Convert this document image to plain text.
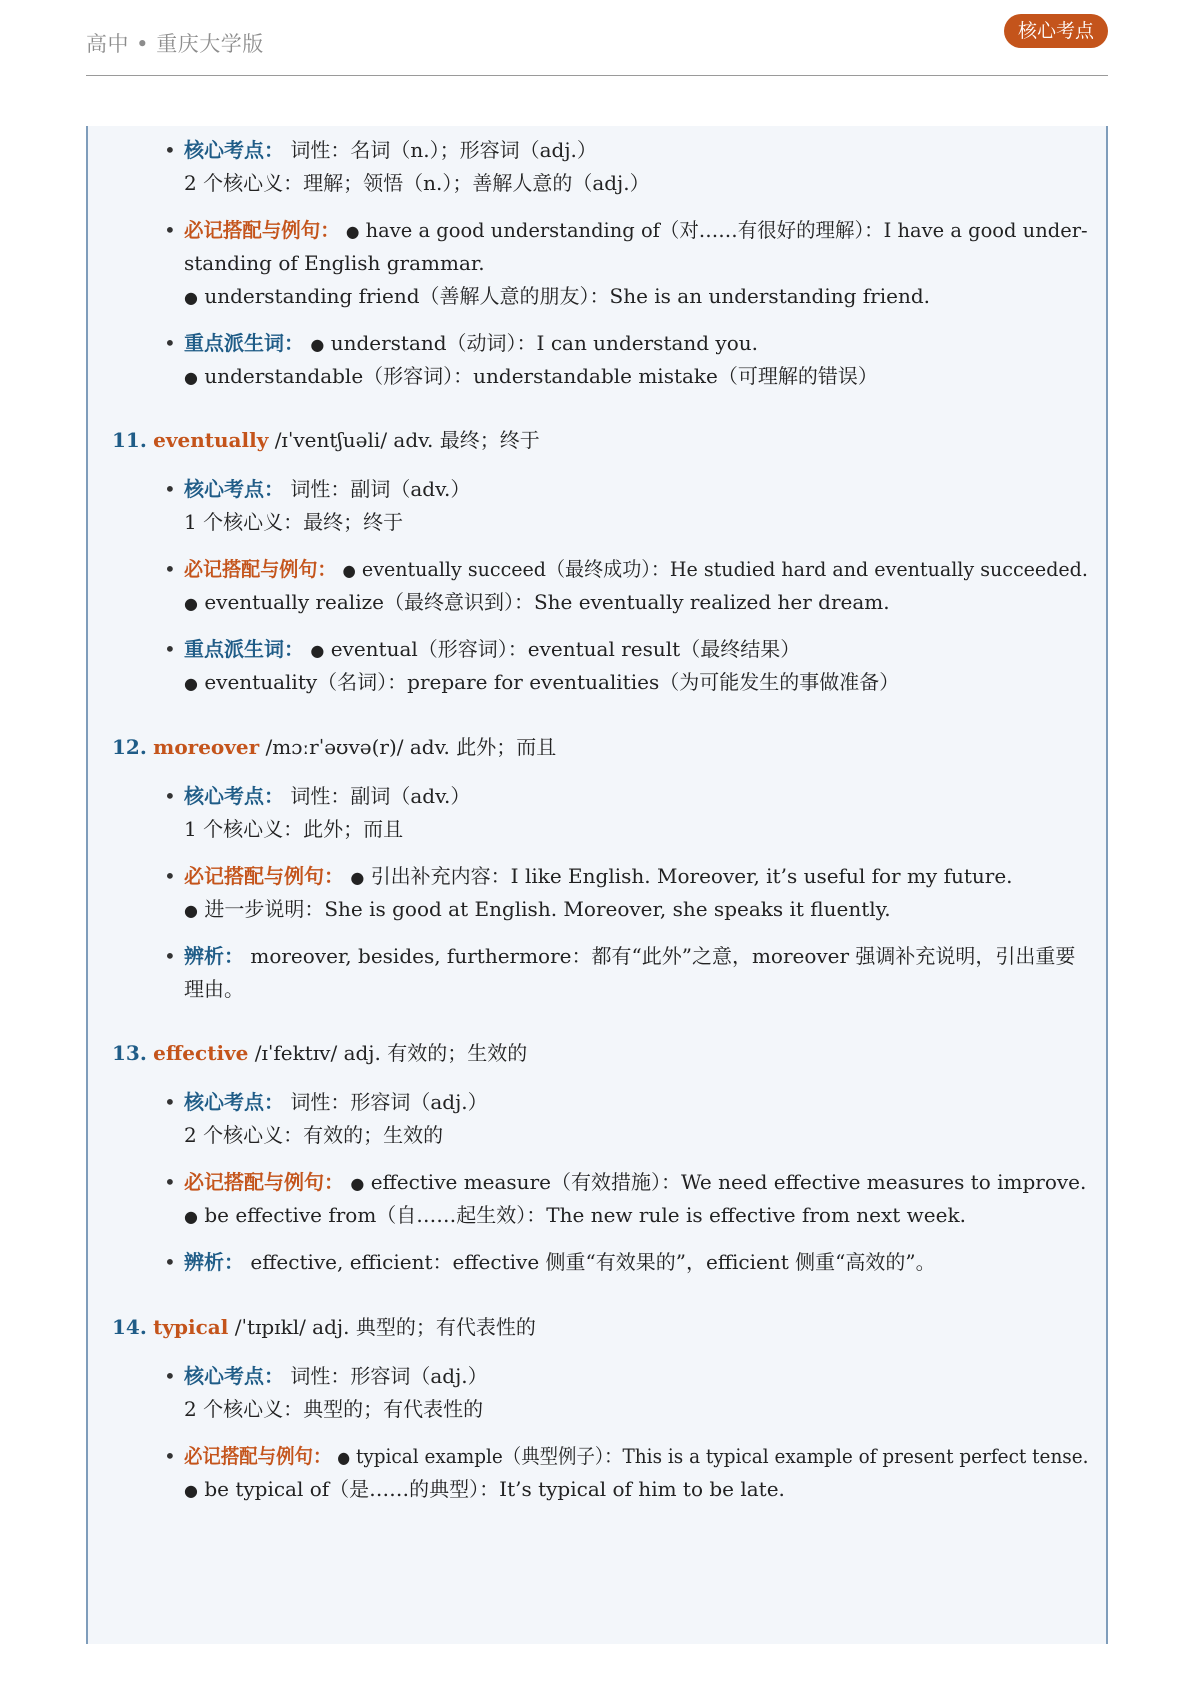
高中 • 重庆大学版
核心考点
• 核心考点： 词性：名词（n.）；形容词（adj.）
2 个核心义：理解；领悟（n.）；善解人意的（adj.）
• 必记搭配与例句： ● have a good understanding of（对……有很好的理解）：I have a good under-
standing of English grammar.
● understanding friend（善解人意的朋友）：She is an understanding friend.
• 重点派生词： ● understand（动词）：I can understand you.
● understandable（形容词）：understandable mistake（可理解的错误）
11. eventually /ɪˈventʃuəli/ adv. 最终；终于
• 核心考点： 词性：副词（adv.）
1 个核心义：最终；终于
• 必记搭配与例句： ● eventually succeed（最终成功）：He studied hard and eventually succeeded.
● eventually realize（最终意识到）：She eventually realized her dream.
• 重点派生词： ● eventual（形容词）：eventual result（最终结果）
● eventuality（名词）：prepare for eventualities（为可能发生的事做准备）
12. moreover /mɔːrˈəʊvə(r)/ adv. 此外；而且
• 核心考点： 词性：副词（adv.）
1 个核心义：此外；而且
• 必记搭配与例句： ● 引出补充内容：I like English. Moreover, it’s useful for my future.
● 进一步说明：She is good at English. Moreover, she speaks it fluently.
• 辨析： moreover, besides, furthermore：都有“此外”之意，moreover 强调补充说明，引出重要
理由。
13. effective /ɪˈfektɪv/ adj. 有效的；生效的
• 核心考点： 词性：形容词（adj.）
2 个核心义：有效的；生效的
• 必记搭配与例句： ● effective measure（有效措施）：We need effective measures to improve.
● be effective from（自……起生效）：The new rule is effective from next week.
• 辨析： effective, efficient：effective 侧重“有效果的”，efficient 侧重“高效的”。
14. typical /ˈtɪpɪkl/ adj. 典型的；有代表性的
• 核心考点： 词性：形容词（adj.）
2 个核心义：典型的；有代表性的
• 必记搭配与例句： ● typical example（典型例子）：This is a typical example of present perfect tense.
● be typical of（是……的典型）：It’s typical of him to be late.
